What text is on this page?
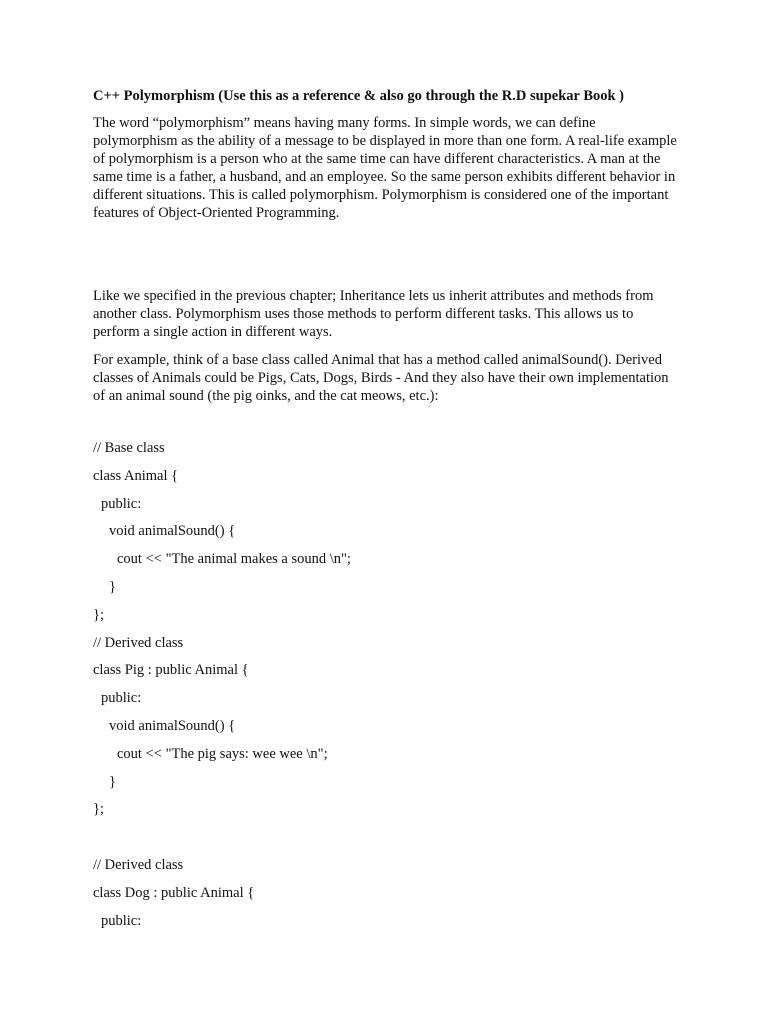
C++ Polymorphism (Use this as a reference & also go through the R.D supekar Book )

The word “polymorphism” means having many forms. In simple words, we can define polymorphism as the ability of a message to be displayed in more than one form. A real-life example of polymorphism is a person who at the same time can have different characteristics. A man at the same time is a father, a husband, and an employee. So the same person exhibits different behavior in different situations. This is called polymorphism. Polymorphism is considered one of the important features of Object-Oriented Programming.

Like we specified in the previous chapter; Inheritance lets us inherit attributes and methods from another class. Polymorphism uses those methods to perform different tasks. This allows us to perform a single action in different ways.

For example, think of a base class called Animal that has a method called animalSound(). Derived classes of Animals could be Pigs, Cats, Dogs, Birds - And they also have their own implementation of an animal sound (the pig oinks, and the cat meows, etc.):

// Base class
class Animal {
public:
void animalSound() {
cout << "The animal makes a sound \n";
}
};
// Derived class
class Pig : public Animal {
public:
void animalSound() {
cout << "The pig says: wee wee \n";
}
};
// Derived class
class Dog : public Animal {
public:
